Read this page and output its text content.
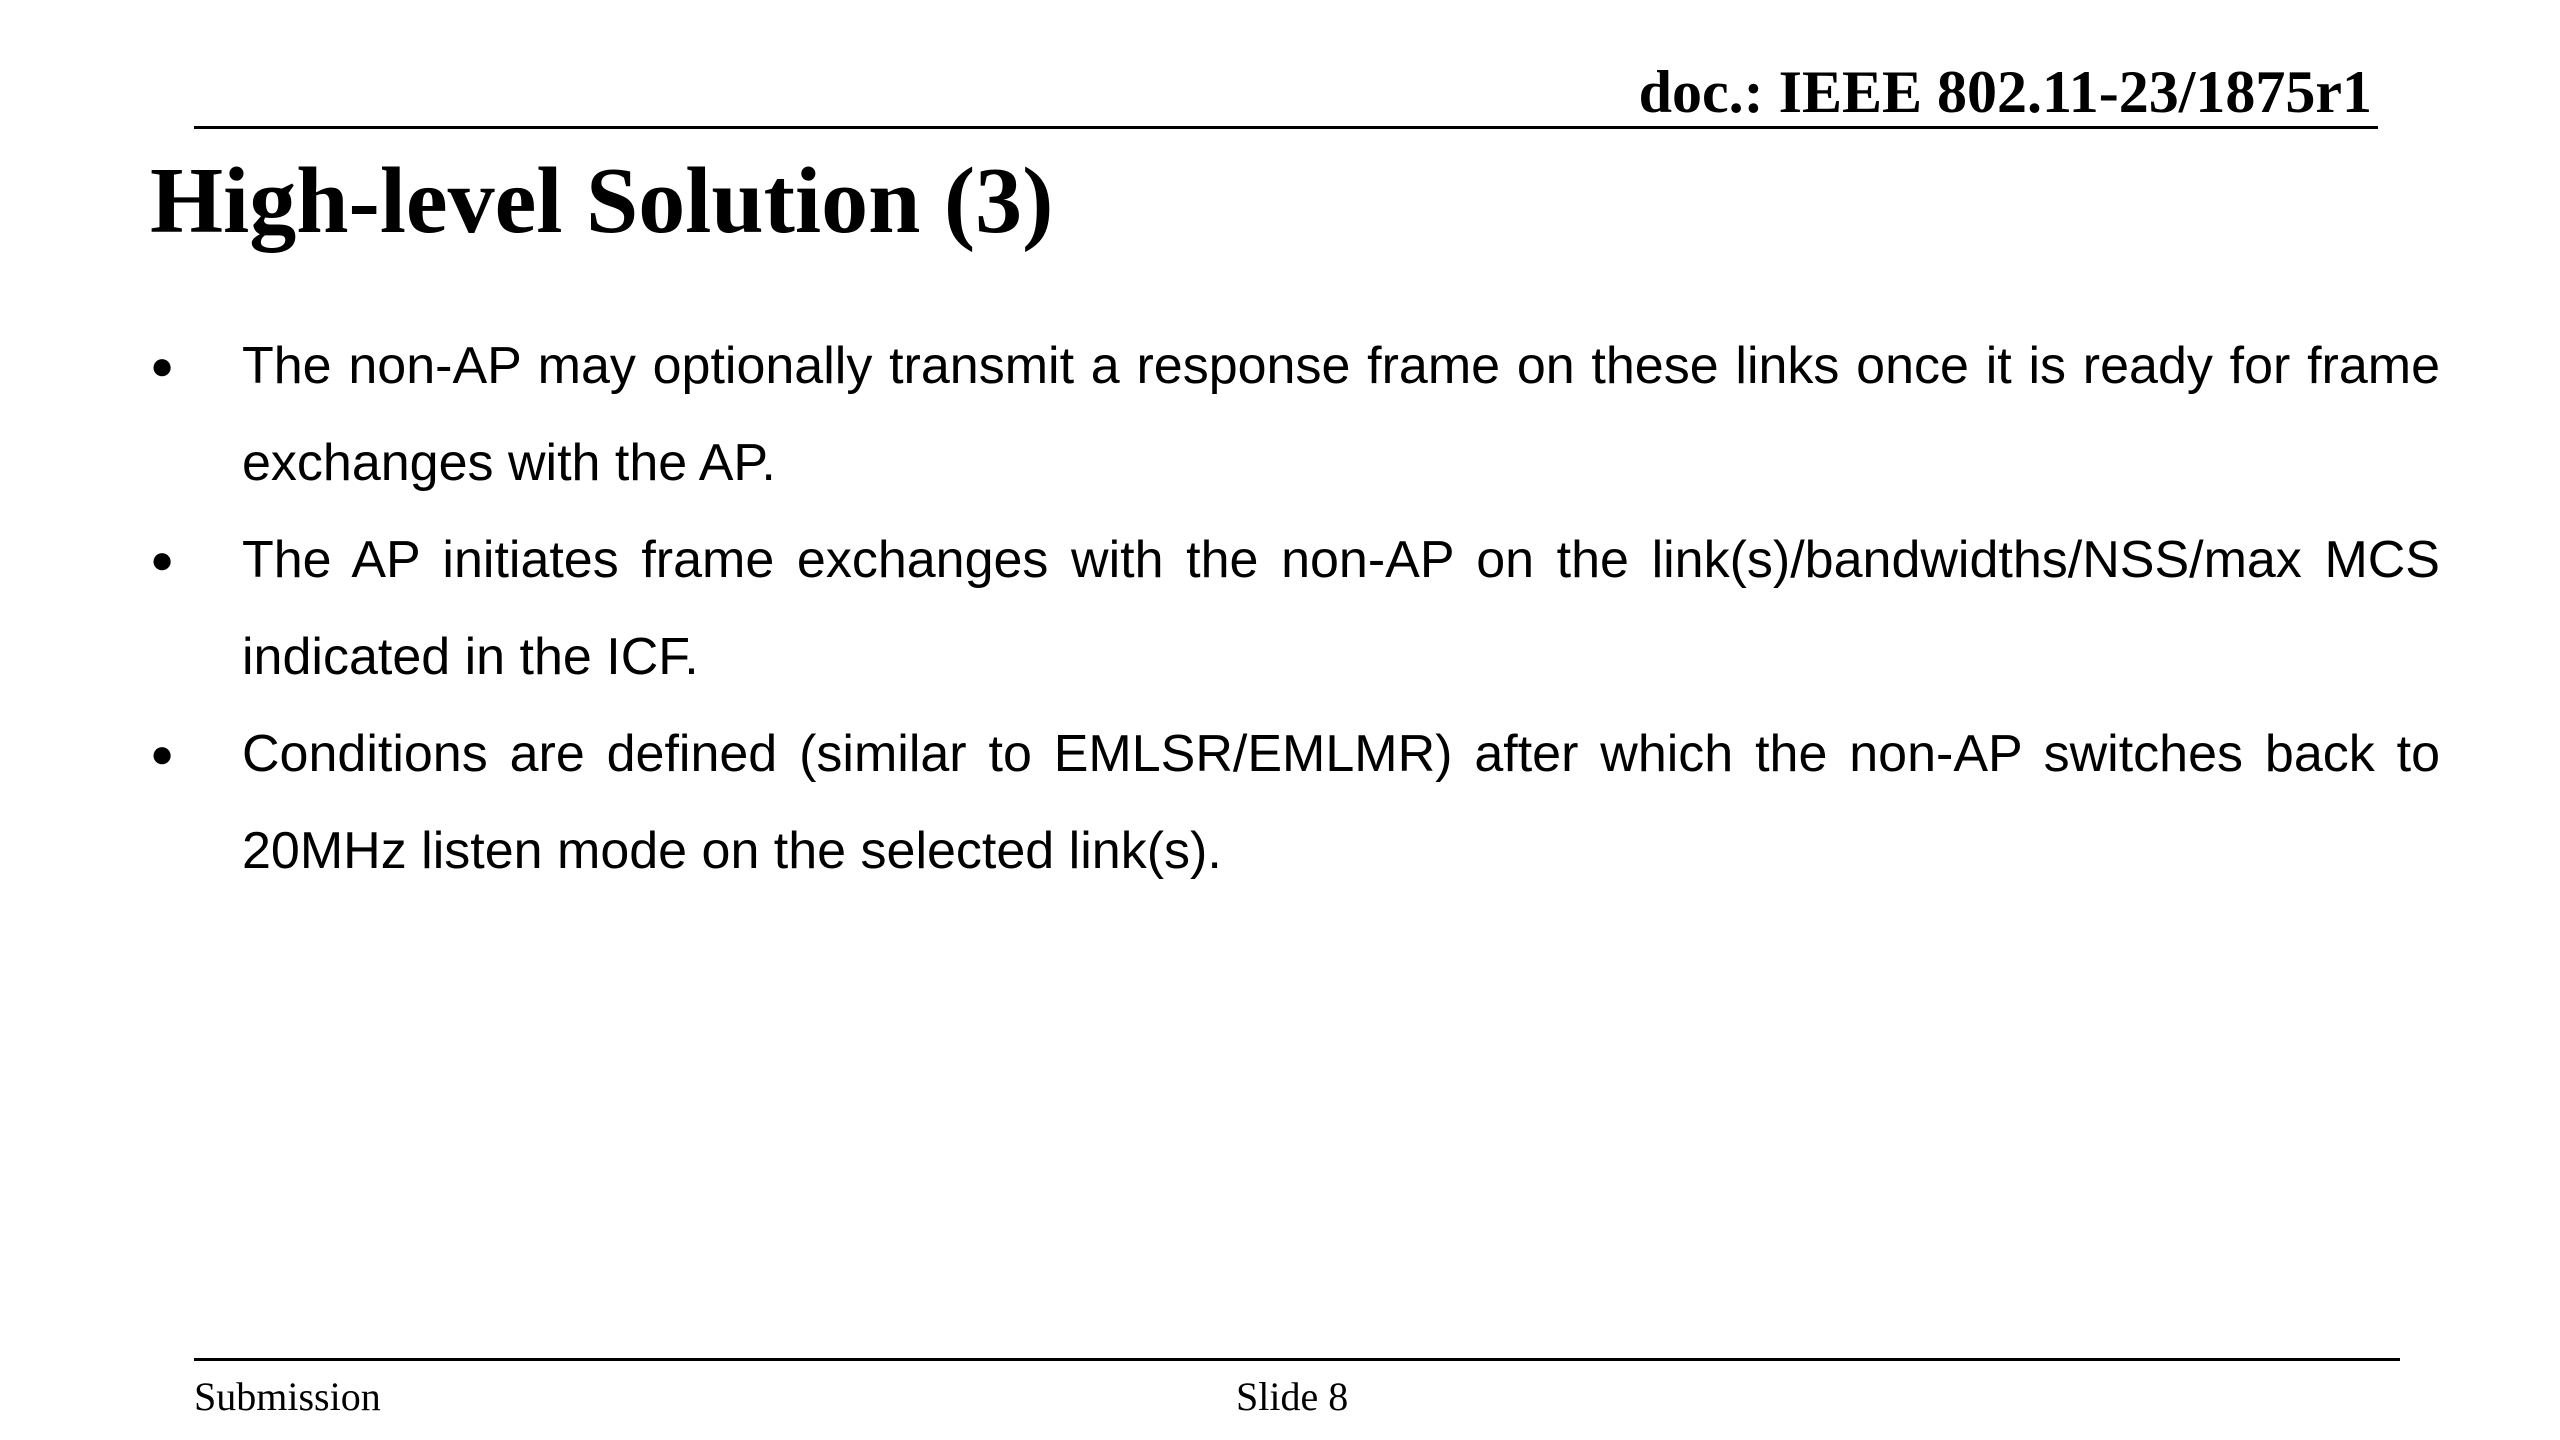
doc.: IEEE 802.11-23/1875r1
High-level Solution (3)
●	The non-AP may optionally transmit a response frame on these links once it is ready for frame exchanges with the AP.
●	The AP initiates frame exchanges with the non-AP on the link(s)/bandwidths/NSS/max MCS indicated in the ICF.
●	Conditions are defined (similar to EMLSR/EMLMR) after which the non-AP switches back to 20MHz listen mode on the selected link(s).
Submission	Slide 8
